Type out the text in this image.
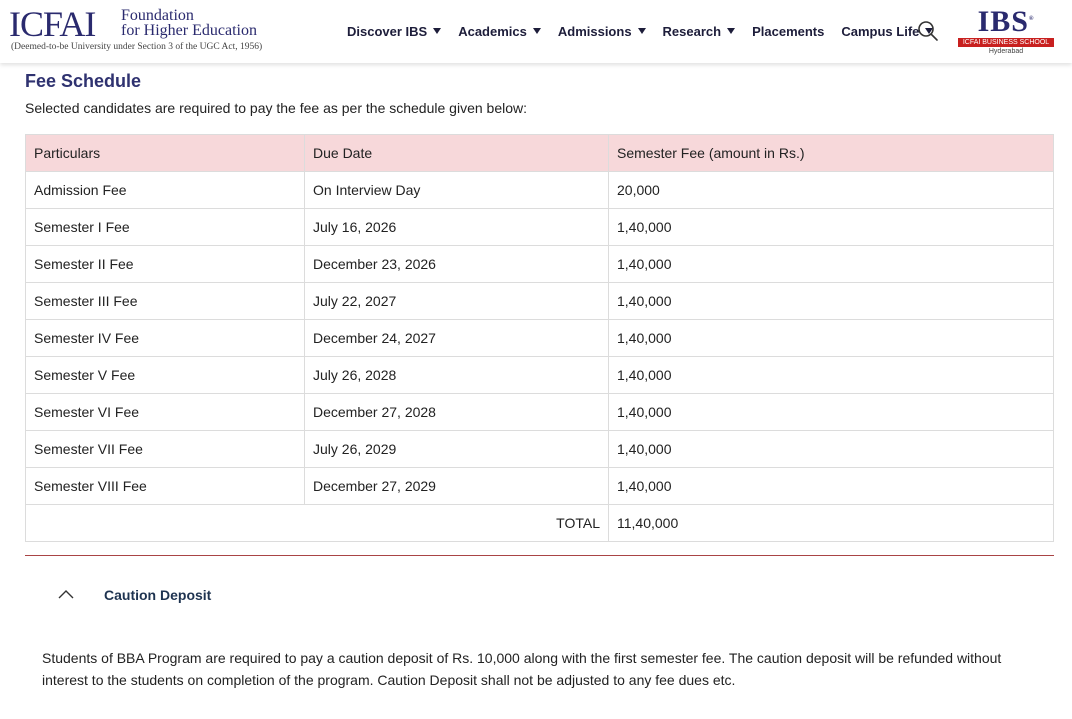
ICFAI Foundation
for Higher Education
(Deemed-to-be University under Section 3 of the UGC Act, 1956)
Discover IBS Academics Admissions Research Placements Campus Life	IBS®
ICFAI BUSINESS SCHOOL
Hyderabad
Fee Schedule
Selected candidates are required to pay the fee as per the schedule given below:
Particulars	Due Date	Semester Fee (amount in Rs.)
Admission Fee	On Interview Day	20,000
Semester I Fee	July 16, 2026	1,40,000
Semester II Fee	December 23, 2026	1,40,000
Semester III Fee	July 22, 2027	1,40,000
Semester IV Fee	December 24, 2027	1,40,000
Semester V Fee	July 26, 2028	1,40,000
Semester VI Fee	December 27, 2028	1,40,000
Semester VII Fee	July 26, 2029	1,40,000
Semester VIII Fee	December 27, 2029	1,40,000
TOTAL		11,40,000
Caution Deposit
Students of BBA Program are required to pay a caution deposit of Rs. 10,000 along with the first semester fee. The caution deposit will be refunded without interest to the students on completion of the program. Caution Deposit shall not be adjusted to any fee dues etc.
